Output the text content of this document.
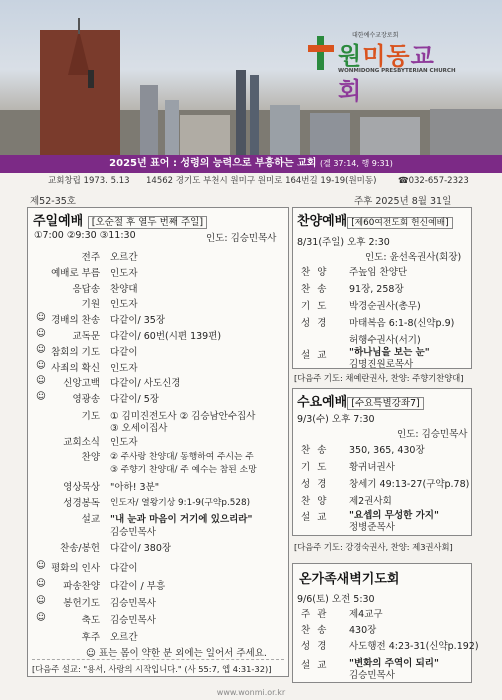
대한예수교장로회
원미동교회
WONMIDONG PRESBYTERIAN CHURCH
2025년 표어 : 성령의 능력으로 부흥하는 교회 (겔 37:14, 행 9:31)
교회창립 1973. 5.13 14562 경기도 부천시 원미구 원미로 164번길 19-19(원미동)	☎032-657-2323
제52-35호	주후 2025년 8월 31일
주일예배 [오순절 후 열두 번째 주일]
①7:00 ②9:30 ③11:30	인도: 김승민목사
전주 오르간
예배로 부름 인도자
응답송 찬양대
기원 인도자
☺ 경배의 찬송 다같이/ 35장
☺	교독문 다같이/ 60번(시편 139편)
☺ 참회의 기도 다같이
☺ 사죄의 확신 인도자
☺	신앙고백 다같이/ 사도신경
☺	영광송 다같이/ 5장
기도 ① 김미진전도사 ② 김승남안수집사
③ 오세이집사
교회소식 인도자
찬양 ② 주사랑 찬양대/ 동행하여 주시는 주
③ 주향기 찬양대/ 주 예수는 참된 소망
영상묵상 "아하! 3분"
성경봉독 인도자/ 열왕기상 9:1-9(구약p.528)
설교 "내 눈과 마음이 거기에 있으리라"
김승민목사
찬송/봉헌 다같이/ 380장
☺ 평화의 인사 다같이
☺	파송찬양 다같이 / 부흥
☺	봉헌기도 김승민목사
☺	축도 김승민목사
후주 오르간
☺ 표는 몸이 약한 분 외에는 일어서 주세요.
[다음주 설교: "용서, 사랑의 시작입니다." (사 55:7, 엡 4:31-32)]
찬양예배 [제60여전도회 헌신예배]
8/31(주일) 오후 2:30
인도: 윤선옥권사(회장)
찬 양 주높임 찬양단
찬 송 91장, 258장
기 도 박경순권사(총무)
성 경 마태복음 6:1-8(신약p.9)
허행수권사(서기)
설 교 "하나님을 보는 눈"
김명진원로목사
[다음주 기도: 채예란권사, 찬양: 주향기찬양대]
수요예배 [수요특별강좌7]
9/3(수) 오후 7:30
인도: 김승민목사
찬 송 350, 365, 430장
기 도 황귀녀권사
성 경 창세기 49:13-27(구약p.78)
찬 양 제2권사회
설 교 "요셉의 무성한 가지"
정병준목사
[다음주 기도: 강경숙권사, 찬양: 제3권사회]
온가족새벽기도회
9/6(토) 오전 5:30
주 관 제4교구
찬 송 430장
성 경 사도행전 4:23-31(신약p.192)
설 교 "변화의 주역이 되리"
김승민목사
www.wonmi.or.kr
